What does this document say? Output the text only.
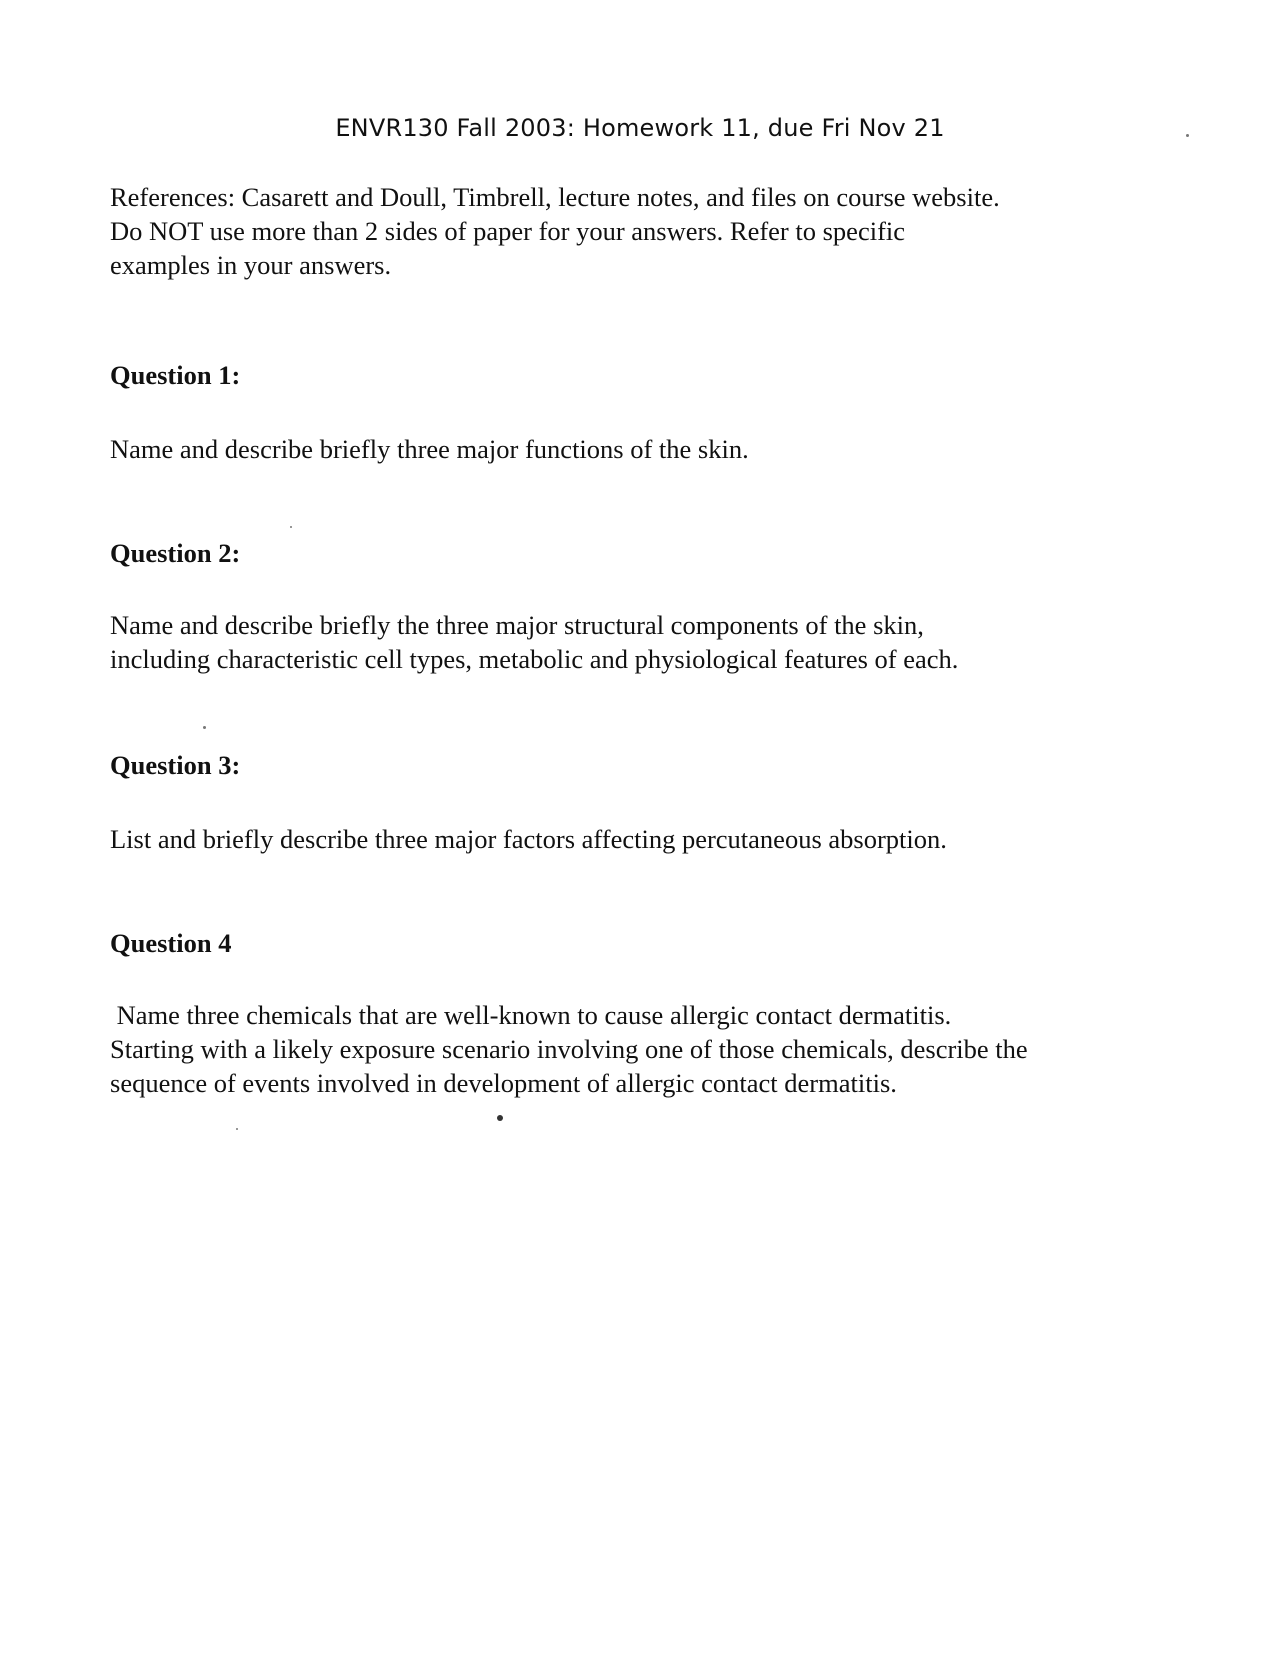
ENVR130 Fall 2003: Homework 11, due Fri Nov 21
References: Casarett and Doull, Timbrell, lecture notes, and files on course website.
Do NOT use more than 2 sides of paper for your answers. Refer to specific
examples in your answers.
Question 1:
Name and describe briefly three major functions of the skin.
Question 2:
Name and describe briefly the three major structural components of the skin,
including characteristic cell types, metabolic and physiological features of each.
Question 3:
List and briefly describe three major factors affecting percutaneous absorption.
Question 4
Name three chemicals that are well-known to cause allergic contact dermatitis.
Starting with a likely exposure scenario involving one of those chemicals, describe the
sequence of events involved in development of allergic contact dermatitis.
